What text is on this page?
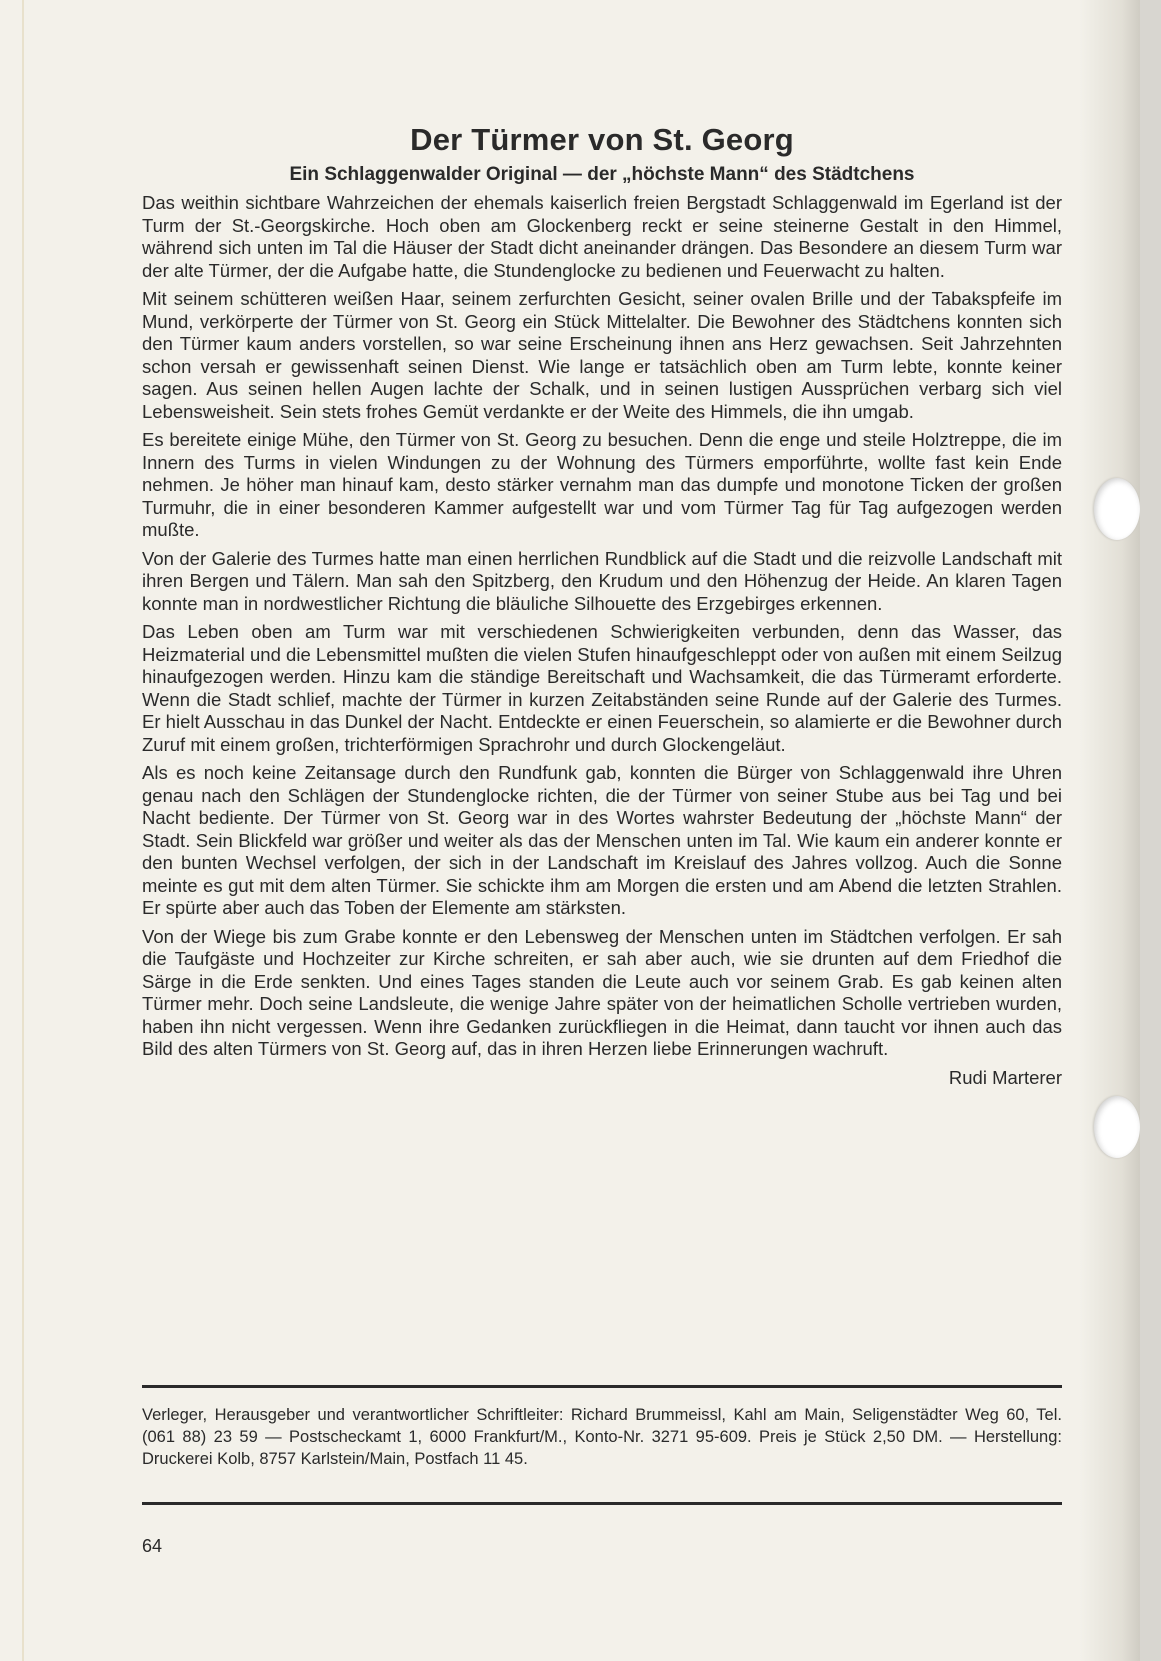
Der Türmer von St. Georg
Ein Schlaggenwalder Original — der „höchste Mann“ des Städtchens

Das weithin sichtbare Wahrzeichen der ehemals kaiserlich freien Bergstadt Schlaggenwald im Egerland ist der Turm der St.-Georgskirche. Hoch oben am Glockenberg reckt er seine steinerne Gestalt in den Himmel, während sich unten im Tal die Häuser der Stadt dicht aneinander drängen. Das Besondere an diesem Turm war der alte Türmer, der die Aufgabe hatte, die Stundenglocke zu bedienen und Feuerwacht zu halten.

Mit seinem schütteren weißen Haar, seinem zerfurchten Gesicht, seiner ovalen Brille und der Tabakspfeife im Mund, verkörperte der Türmer von St. Georg ein Stück Mittelalter. Die Bewohner des Städtchens konnten sich den Türmer kaum anders vorstellen, so war seine Erscheinung ihnen ans Herz gewachsen. Seit Jahrzehnten schon versah er gewissenhaft seinen Dienst. Wie lange er tatsächlich oben am Turm lebte, konnte keiner sagen. Aus seinen hellen Augen lachte der Schalk, und in seinen lustigen Aussprüchen verbarg sich viel Lebensweisheit. Sein stets frohes Gemüt verdankte er der Weite des Himmels, die ihn umgab.

Es bereitete einige Mühe, den Türmer von St. Georg zu besuchen. Denn die enge und steile Holztreppe, die im Innern des Turms in vielen Windungen zu der Wohnung des Türmers emporführte, wollte fast kein Ende nehmen. Je höher man hinauf kam, desto stärker vernahm man das dumpfe und monotone Ticken der großen Turmuhr, die in einer besonderen Kammer aufgestellt war und vom Türmer Tag für Tag aufgezogen werden mußte.

Von der Galerie des Turmes hatte man einen herrlichen Rundblick auf die Stadt und die reizvolle Landschaft mit ihren Bergen und Tälern. Man sah den Spitzberg, den Krudum und den Höhenzug der Heide. An klaren Tagen konnte man in nordwestlicher Richtung die bläuliche Silhouette des Erzgebirges erkennen.

Das Leben oben am Turm war mit verschiedenen Schwierigkeiten verbunden, denn das Wasser, das Heizmaterial und die Lebensmittel mußten die vielen Stufen hinaufgeschleppt oder von außen mit einem Seilzug hinaufgezogen werden. Hinzu kam die ständige Bereitschaft und Wachsamkeit, die das Türmeramt erforderte. Wenn die Stadt schlief, machte der Türmer in kurzen Zeitabständen seine Runde auf der Galerie des Turmes. Er hielt Ausschau in das Dunkel der Nacht. Entdeckte er einen Feuerschein, so alamierte er die Bewohner durch Zuruf mit einem großen, trichterförmigen Sprachrohr und durch Glockengeläut.

Als es noch keine Zeitansage durch den Rundfunk gab, konnten die Bürger von Schlaggenwald ihre Uhren genau nach den Schlägen der Stundenglocke richten, die der Türmer von seiner Stube aus bei Tag und bei Nacht bediente. Der Türmer von St. Georg war in des Wortes wahrster Bedeutung der „höchste Mann“ der Stadt. Sein Blickfeld war größer und weiter als das der Menschen unten im Tal. Wie kaum ein anderer konnte er den bunten Wechsel verfolgen, der sich in der Landschaft im Kreislauf des Jahres vollzog. Auch die Sonne meinte es gut mit dem alten Türmer. Sie schickte ihm am Morgen die ersten und am Abend die letzten Strahlen. Er spürte aber auch das Toben der Elemente am stärksten.

Von der Wiege bis zum Grabe konnte er den Lebensweg der Menschen unten im Städtchen verfolgen. Er sah die Taufgäste und Hochzeiter zur Kirche schreiten, er sah aber auch, wie sie drunten auf dem Friedhof die Särge in die Erde senkten. Und eines Tages standen die Leute auch vor seinem Grab. Es gab keinen alten Türmer mehr. Doch seine Landsleute, die wenige Jahre später von der heimatlichen Scholle vertrieben wurden, haben ihn nicht vergessen. Wenn ihre Gedanken zurückfliegen in die Heimat, dann taucht vor ihnen auch das Bild des alten Türmers von St. Georg auf, das in ihren Herzen liebe Erinnerungen wachruft.

Rudi Marterer
Verleger, Herausgeber und verantwortlicher Schriftleiter: Richard Brummeissl, Kahl am Main, Seligenstädter Weg 60, Tel. (061 88) 23 59 — Postscheckamt 1, 6000 Frankfurt/M., Konto-Nr. 3271 95-609. Preis je Stück 2,50 DM. — Herstellung: Druckerei Kolb, 8757 Karlstein/Main, Postfach 11 45.
64
